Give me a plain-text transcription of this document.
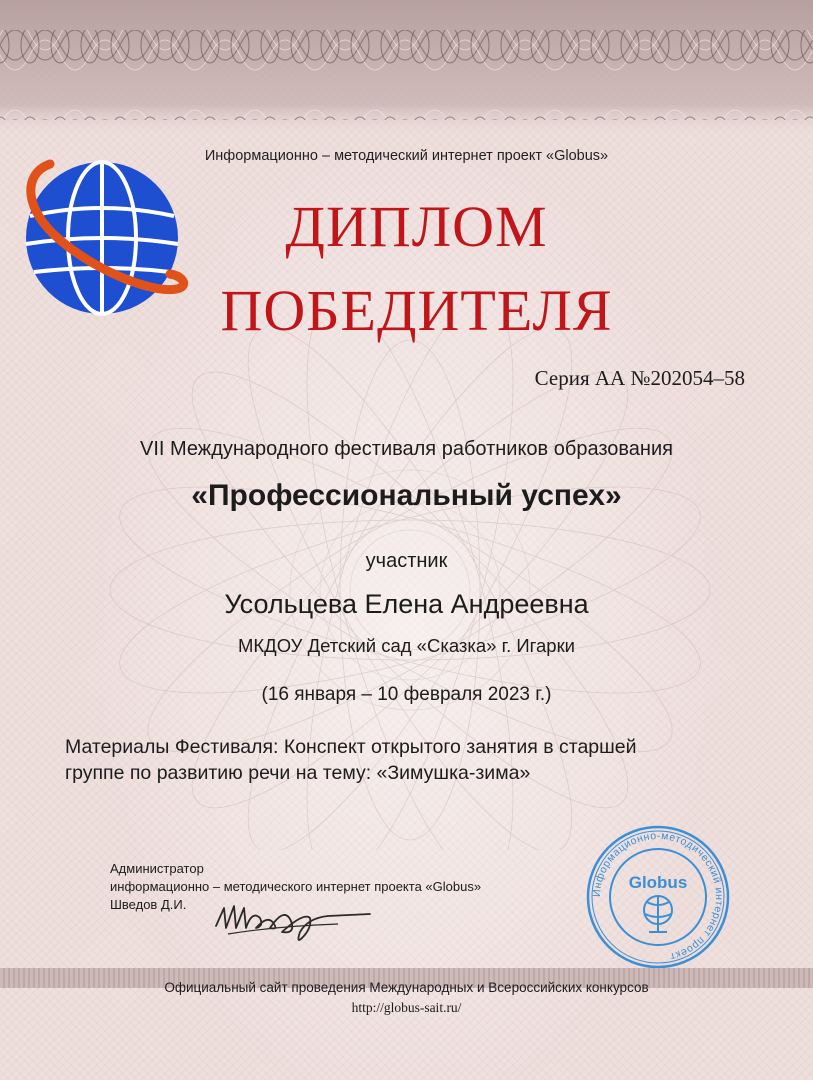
Информационно – методический интернет проект «Globus»
ДИПЛОМ
ПОБЕДИТЕЛЯ
Серия АА №202054–58
VII Международного фестиваля работников образования
«Профессиональный успех»
участник
Усольцева Елена Андреевна
МКДОУ Детский сад «Сказка» г. Игарки
(16 января – 10 февраля 2023 г.)
Материалы Фестиваля: Конспект открытого занятия в старшей
группе по развитию речи на тему: «Зимушка-зима»
Администратор
информационно – методического интернет проекта «Globus»
Шведов Д.И.
Информационно-методический интернет проект
Globus
Официальный сайт проведения Международных и Всероссийских конкурсов
http://globus-sait.ru/
